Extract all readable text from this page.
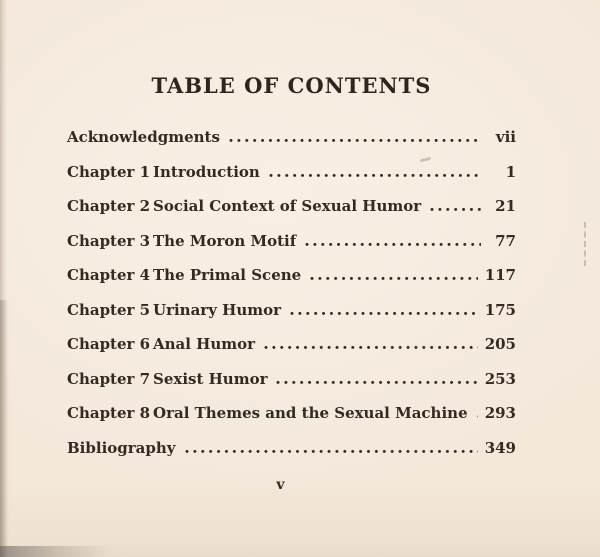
TABLE OF CONTENTS
Acknowledgments	vii
Chapter 1 Introduction	1
Chapter 2 Social Context of Sexual Humor	21
Chapter 3 The Moron Motif	77
Chapter 4 The Primal Scene	117
Chapter 5 Urinary Humor	175
Chapter 6 Anal Humor	205
Chapter 7 Sexist Humor	253
Chapter 8 Oral Themes and the Sexual Machine 293
Bibliography	349
v
